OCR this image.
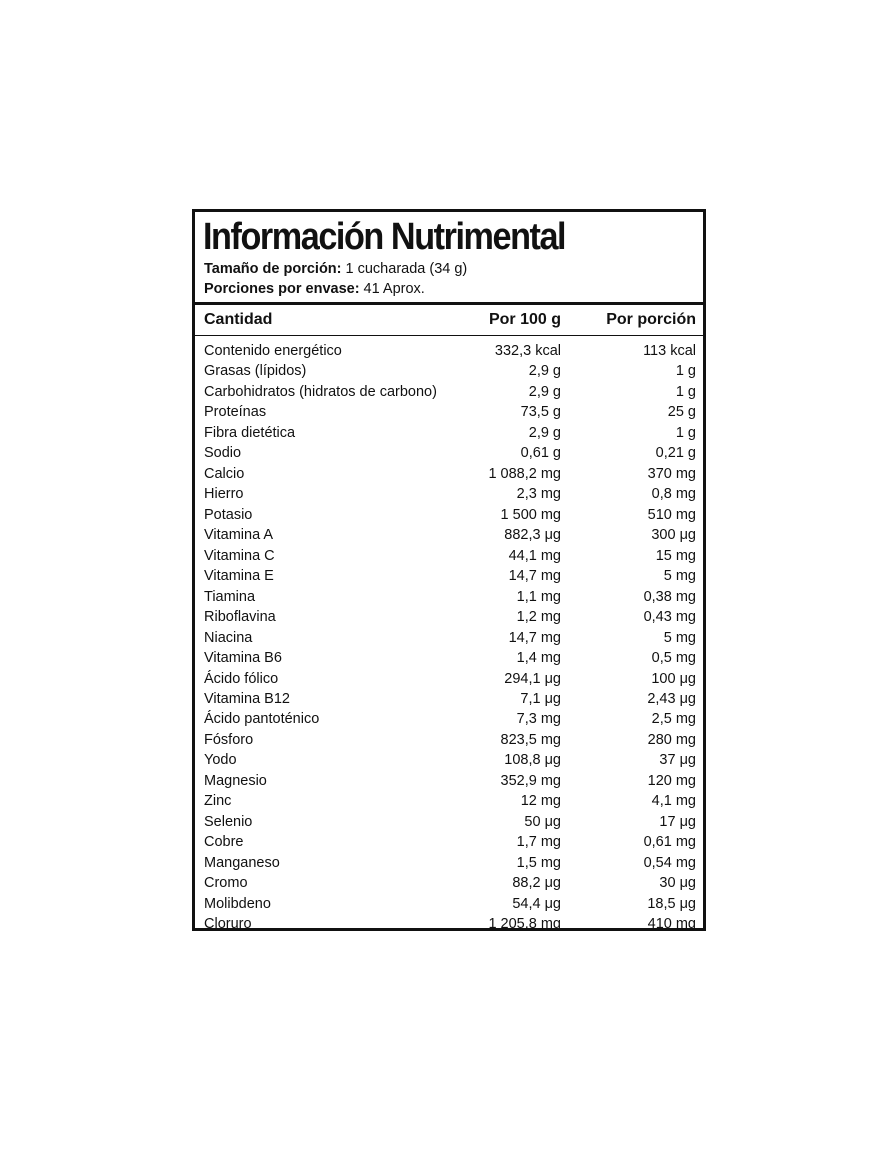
Información Nutrimental
Tamaño de porción: 1 cucharada (34 g)
Porciones por envase: 41 Aprox.
Cantidad	Por 100 g	Por porción
Contenido energético	332,3 kcal	113 kcal
Grasas (lípidos)	2,9 g	1 g
Carbohidratos (hidratos de carbono)	2,9 g	1 g
Proteínas	73,5 g	25 g
Fibra dietética	2,9 g	1 g
Sodio	0,61 g	0,21 g
Calcio	1 088,2 mg	370 mg
Hierro	2,3 mg	0,8 mg
Potasio	1 500 mg	510 mg
Vitamina A	882,3 μg	300 μg
Vitamina C	44,1 mg	15 mg
Vitamina E	14,7 mg	5 mg
Tiamina	1,1 mg	0,38 mg
Riboflavina	1,2 mg	0,43 mg
Niacina	14,7 mg	5 mg
Vitamina B6	1,4 mg	0,5 mg
Ácido fólico	294,1 μg	100 μg
Vitamina B12	7,1 μg	2,43 μg
Ácido pantoténico	7,3 mg	2,5 mg
Fósforo	823,5 mg	280 mg
Yodo	108,8 μg	37 μg
Magnesio	352,9 mg	120 mg
Zinc	12 mg	4,1 mg
Selenio	50 μg	17 μg
Cobre	1,7 mg	0,61 mg
Manganeso	1,5 mg	0,54 mg
Cromo	88,2 μg	30 μg
Molibdeno	54,4 μg	18,5 μg
Cloruro	1 205,8 mg	410 mg
